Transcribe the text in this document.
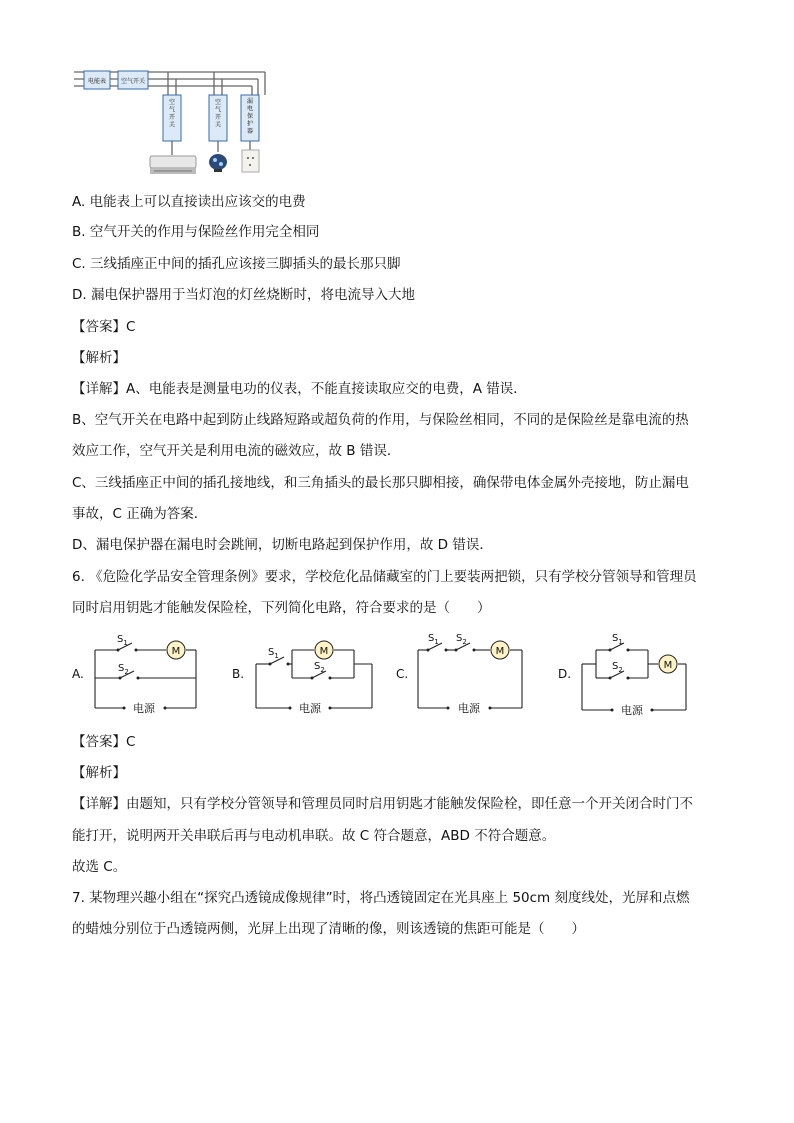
电能表 空气开关
空气开关
空气开关
漏电保护器
A. 电能表上可以直接读出应该交的电费
B. 空气开关的作用与保险丝作用完全相同
C. 三线插座正中间的插孔应该接三脚插头的最长那只脚
D. 漏电保护器用于当灯泡的灯丝烧断时，将电流导入大地
【答案】C
【解析】
【详解】A、电能表是测量电功的仪表，不能直接读取应交的电费，A 错误．
B、空气开关在电路中起到防止线路短路或超负荷的作用，与保险丝相同，不同的是保险丝是靠电流的热
效应工作，空气开关是利用电流的磁效应，故 B 错误．
C、三线插座正中间的插孔接地线，和三角插头的最长那只脚相接，确保带电体金属外壳接地，防止漏电
事故，C 正确为答案．
D、漏电保护器在漏电时会跳闸，切断电路起到保护作用，故 D 错误．
6. 《危险化学品安全管理条例》要求，学校危化品储藏室的门上要装两把锁，只有学校分管领导和管理员
同时启用钥匙才能触发保险栓，下列简化电路，符合要求的是（　　）
M	M	M
M
$S_1$
$S_2$
$S_1$
$S_2$
$S_1$ $S_2$	$S_1$
$S_2$
电源	电源	电源	电源
A.	B.	C.	D.
【答案】C
【解析】
【详解】由题知，只有学校分管领导和管理员同时启用钥匙才能触发保险栓，即任意一个开关闭合时门不
能打开，说明两开关串联后再与电动机串联。故 C 符合题意，ABD 不符合题意。
故选 C。
7. 某物理兴趣小组在“探究凸透镜成像规律”时，将凸透镜固定在光具座上 50cm 刻度线处，光屏和点燃
的蜡烛分别位于凸透镜两侧，光屏上出现了清晰的像，则该透镜的焦距可能是（　　）
